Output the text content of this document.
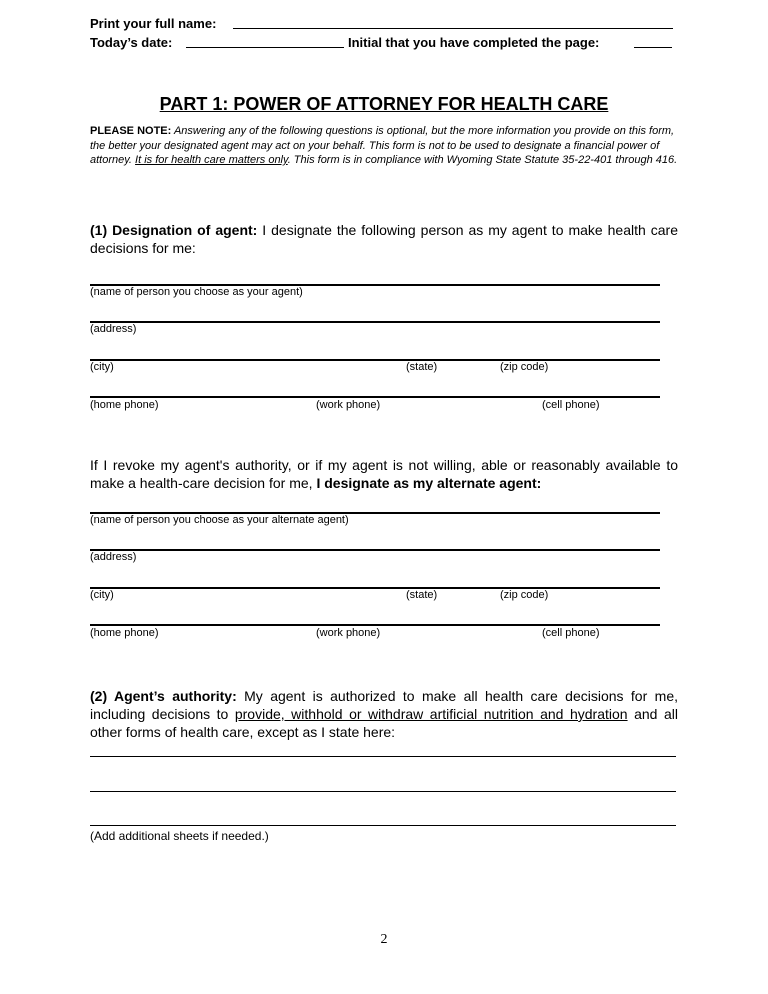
Print your full name:
Today’s date:	Initial that you have completed the page:
PART 1: POWER OF ATTORNEY FOR HEALTH CARE
PLEASE NOTE: Answering any of the following questions is optional, but the more information you provide on this form, the better your designated agent may act on your behalf. This form is not to be used to designate a financial power of attorney. It is for health care matters only. This form is in compliance with Wyoming State Statute 35-22-401 through 416.
(1) Designation of agent: I designate the following person as my agent to make health care decisions for me:
(name of person you choose as your agent)
(address)
(city)	(state)	(zip code)
(home phone)	(work phone)	(cell phone)
If I revoke my agent's authority, or if my agent is not willing, able or reasonably available to make a health-care decision for me, I designate as my alternate agent:
(name of person you choose as your alternate agent)
(address)
(city)	(state)	(zip code)
(home phone)	(work phone)	(cell phone)
(2) Agent’s authority: My agent is authorized to make all health care decisions for me, including decisions to provide, withhold or withdraw artificial nutrition and hydration and all other forms of health care, except as I state here:
(Add additional sheets if needed.)
2
